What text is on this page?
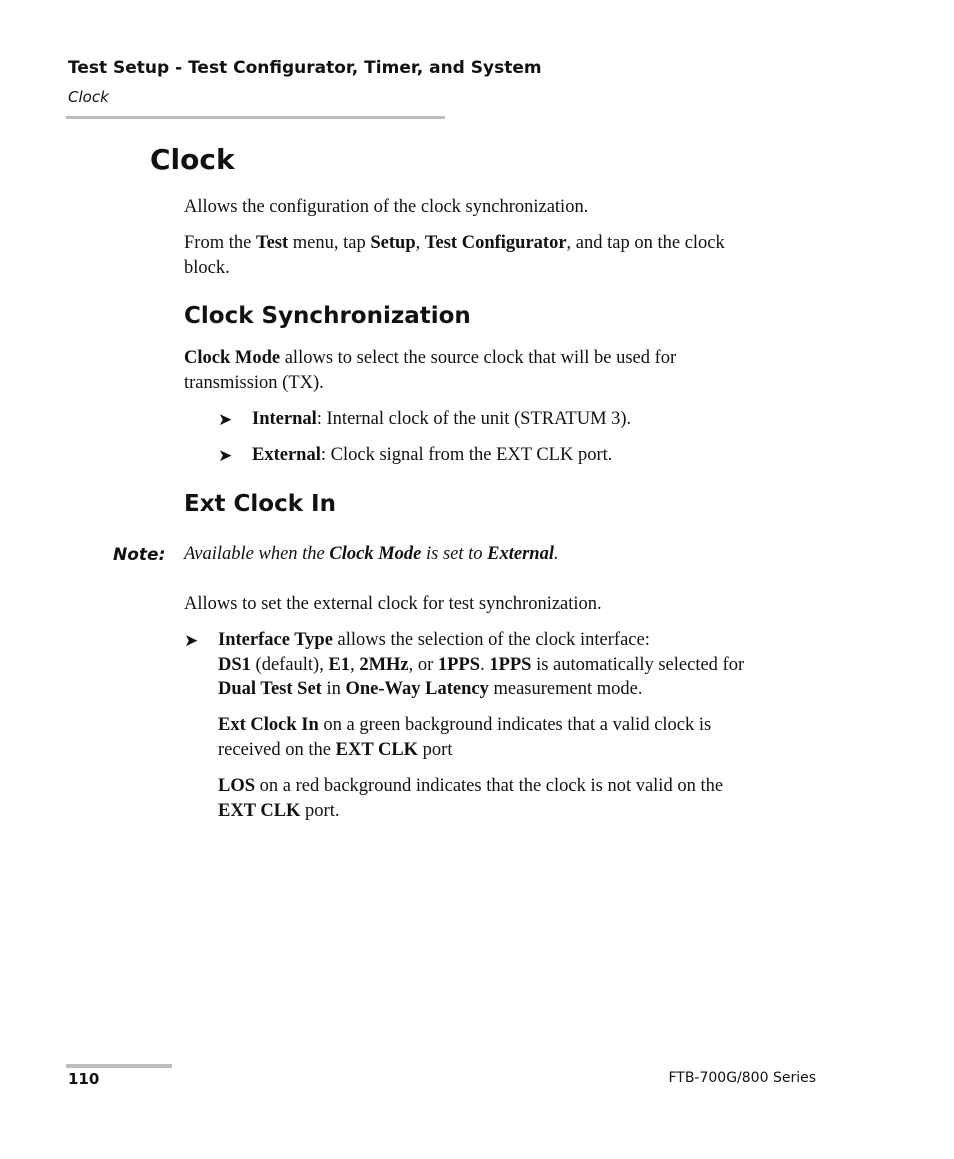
Test Setup - Test Configurator, Timer, and System
Clock
Clock
Allows the configuration of the clock synchronization.
From the Test menu, tap Setup, Test Configurator, and tap on the clock
block.
Clock Synchronization
Clock Mode allows to select the source clock that will be used for
transmission (TX).
➤ Internal: Internal clock of the unit (STRATUM 3).
➤ External: Clock signal from the EXT CLK port.
Ext Clock In
Note: Available when the Clock Mode is set to External.
Allows to set the external clock for test synchronization.
➤ Interface Type allows the selection of the clock interface:
DS1 (default), E1, 2MHz, or 1PPS. 1PPS is automatically selected for
Dual Test Set in One-Way Latency measurement mode.
Ext Clock In on a green background indicates that a valid clock is
received on the EXT CLK port
LOS on a red background indicates that the clock is not valid on the
EXT CLK port.
110	FTB-700G/800 Series
